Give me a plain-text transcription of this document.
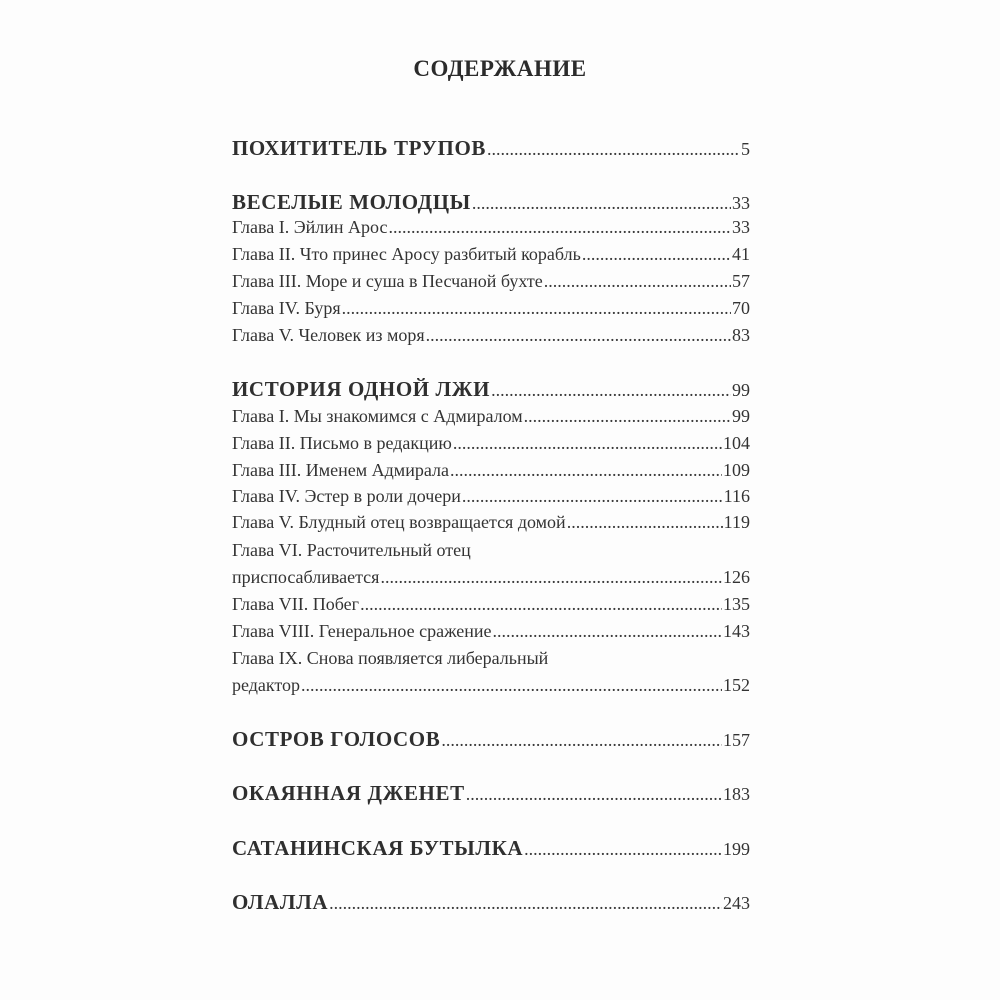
СОДЕРЖАНИЕ
ПОХИТИТЕЛЬ ТРУПОВ .....	5
ВЕСЕЛЫЕ МОЛОДЦЫ .....	33
Глава I. Эйлин Арос .....	33
Глава II. Что принес Аросу разбитый корабль .....	41
Глава III. Море и суша в Песчаной бухте .....	57
Глава IV. Буря .....	70
Глава V. Человек из моря .....	83
ИСТОРИЯ ОДНОЙ ЛЖИ .....	99
Глава I. Мы знакомимся с Адмиралом .....	99
Глава II. Письмо в редакцию .....	104
Глава III. Именем Адмирала .....	109
Глава IV. Эстер в роли дочери .....	116
Глава V. Блудный отец возвращается домой .....	119
Глава VI. Расточительный отец
приспосабливается .....	126
Глава VII. Побег .....	135
Глава VIII. Генеральное сражение .....	143
Глава IX. Снова появляется либеральный
редактор .....	152
ОСТРОВ ГОЛОСОВ .....	157
ОКАЯННАЯ ДЖЕНЕТ .....	183
САТАНИНСКАЯ БУТЫЛКА .....	199
ОЛАЛЛА .....	243
